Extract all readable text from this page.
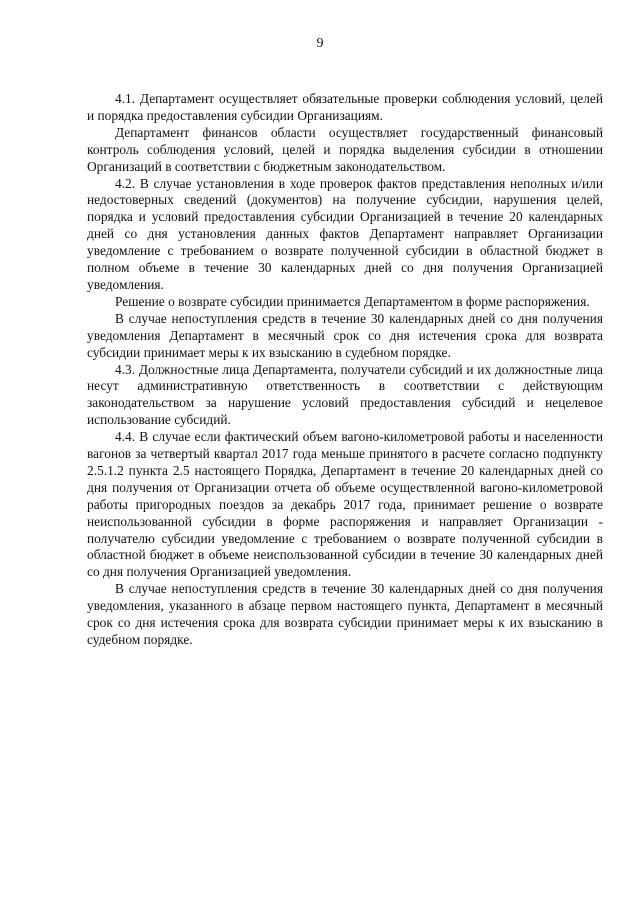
9

4.1. Департамент осуществляет обязательные проверки соблюдения условий, целей и порядка предоставления субсидии Организациям.

Департамент финансов области осуществляет государственный финансовый контроль соблюдения условий, целей и порядка выделения субсидии в отношении Организаций в соответствии с бюджетным законодательством.

4.2. В случае установления в ходе проверок фактов представления неполных и/или недостоверных сведений (документов) на получение субсидии, нарушения целей, порядка и условий предоставления субсидии Организацией в течение 20 календарных дней со дня установления данных фактов Департамент направляет Организации уведомление с требованием о возврате полученной субсидии в областной бюджет в полном объеме в течение 30 календарных дней со дня получения Организацией уведомления.

Решение о возврате субсидии принимается Департаментом в форме распоряжения.

В случае непоступления средств в течение 30 календарных дней со дня получения уведомления Департамент в месячный срок со дня истечения срока для возврата субсидии принимает меры к их взысканию в судебном порядке.

4.3. Должностные лица Департамента, получатели субсидий и их должностные лица несут административную ответственность в соответствии с действующим законодательством за нарушение условий предоставления субсидий и нецелевое использование субсидий.

4.4. В случае если фактический объем вагоно-километровой работы и населенности вагонов за четвертый квартал 2017 года меньше принятого в расчете согласно подпункту 2.5.1.2 пункта 2.5 настоящего Порядка, Департамент в течение 20 календарных дней со дня получения от Организации отчета об объеме осуществленной вагоно-километровой работы пригородных поездов за декабрь 2017 года, принимает решение о возврате неиспользованной субсидии в форме распоряжения и направляет Организации - получателю субсидии уведомление с требованием о возврате полученной субсидии в областной бюджет в объеме неиспользованной субсидии в течение 30 календарных дней со дня получения Организацией уведомления.

В случае непоступления средств в течение 30 календарных дней со дня получения уведомления, указанного в абзаце первом настоящего пункта, Департамент в месячный срок со дня истечения срока для возврата субсидии принимает меры к их взысканию в судебном порядке.
